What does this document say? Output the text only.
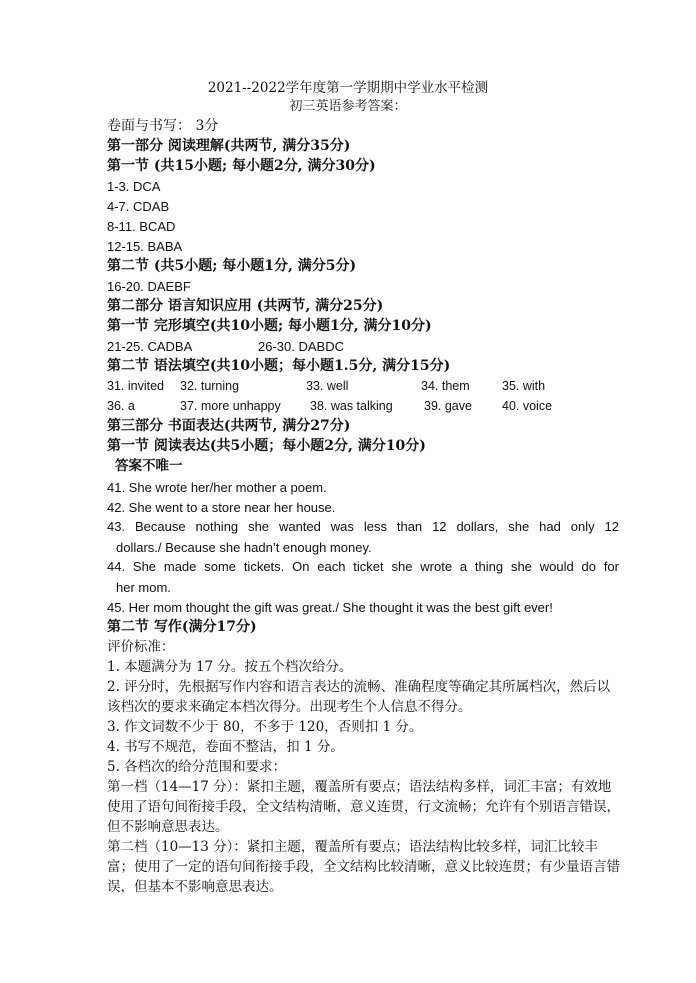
2021--2022学年度第一学期期中学业水平检测
初三英语参考答案：
卷面与书写： 3分
第一部分 阅读理解(共两节, 满分35分)
第一节 (共15小题; 每小题2分, 满分30分)
1-3. DCA
4-7. CDAB
8-11. BCAD
12-15. BABA
第二节 (共5小题; 每小题1分, 满分5分)
16-20. DAEBF
第二部分 语言知识应用 (共两节, 满分25分)
第一节 完形填空(共10小题; 每小题1分, 满分10分)
21-25. CADBA	26-30. DABDC
第二节 语法填空(共10小题；每小题1.5分, 满分15分)
31. invited 32. turning	33. well	34. them	35. with
36. a	37. more unhappy 38. was talking	39. gave 40. voice
第三部分 书面表达(共两节, 满分27分)
第一节 阅读表达(共5小题；每小题2分, 满分10分)
答案不唯一
41. She wrote her/her mother a poem.
42. She went to a store near her house.
43. Because nothing she wanted was less than 12 dollars, she had only 12
dollars./ Because she hadn’t enough money.
44. She made some tickets. On each ticket she wrote a thing she would do for
her mom.
45. Her mom thought the gift was great./ She thought it was the best gift ever!
第二节 写作(满分17分)
评价标准：
1. 本题满分为 17 分。按五个档次给分。
2. 评分时，先根据写作内容和语言表达的流畅、准确程度等确定其所属档次，然后以该档次的要求来确定本档次得分。出现考生个人信息不得分。
3. 作文词数不少于 80，不多于 120，否则扣 1 分。
4. 书写不规范，卷面不整洁，扣 1 分。
5. 各档次的给分范围和要求：
第一档（14—17 分）：紧扣主题，覆盖所有要点；语法结构多样，词汇丰富；有效地使用了语句间衔接手段，全文结构清晰，意义连贯，行文流畅；允许有个别语言错误，但不影响意思表达。
第二档（10—13 分）：紧扣主题，覆盖所有要点；语法结构比较多样，词汇比较丰富；使用了一定的语句间衔接手段，全文结构比较清晰，意义比较连贯；有少量语言错误，但基本不影响意思表达。
